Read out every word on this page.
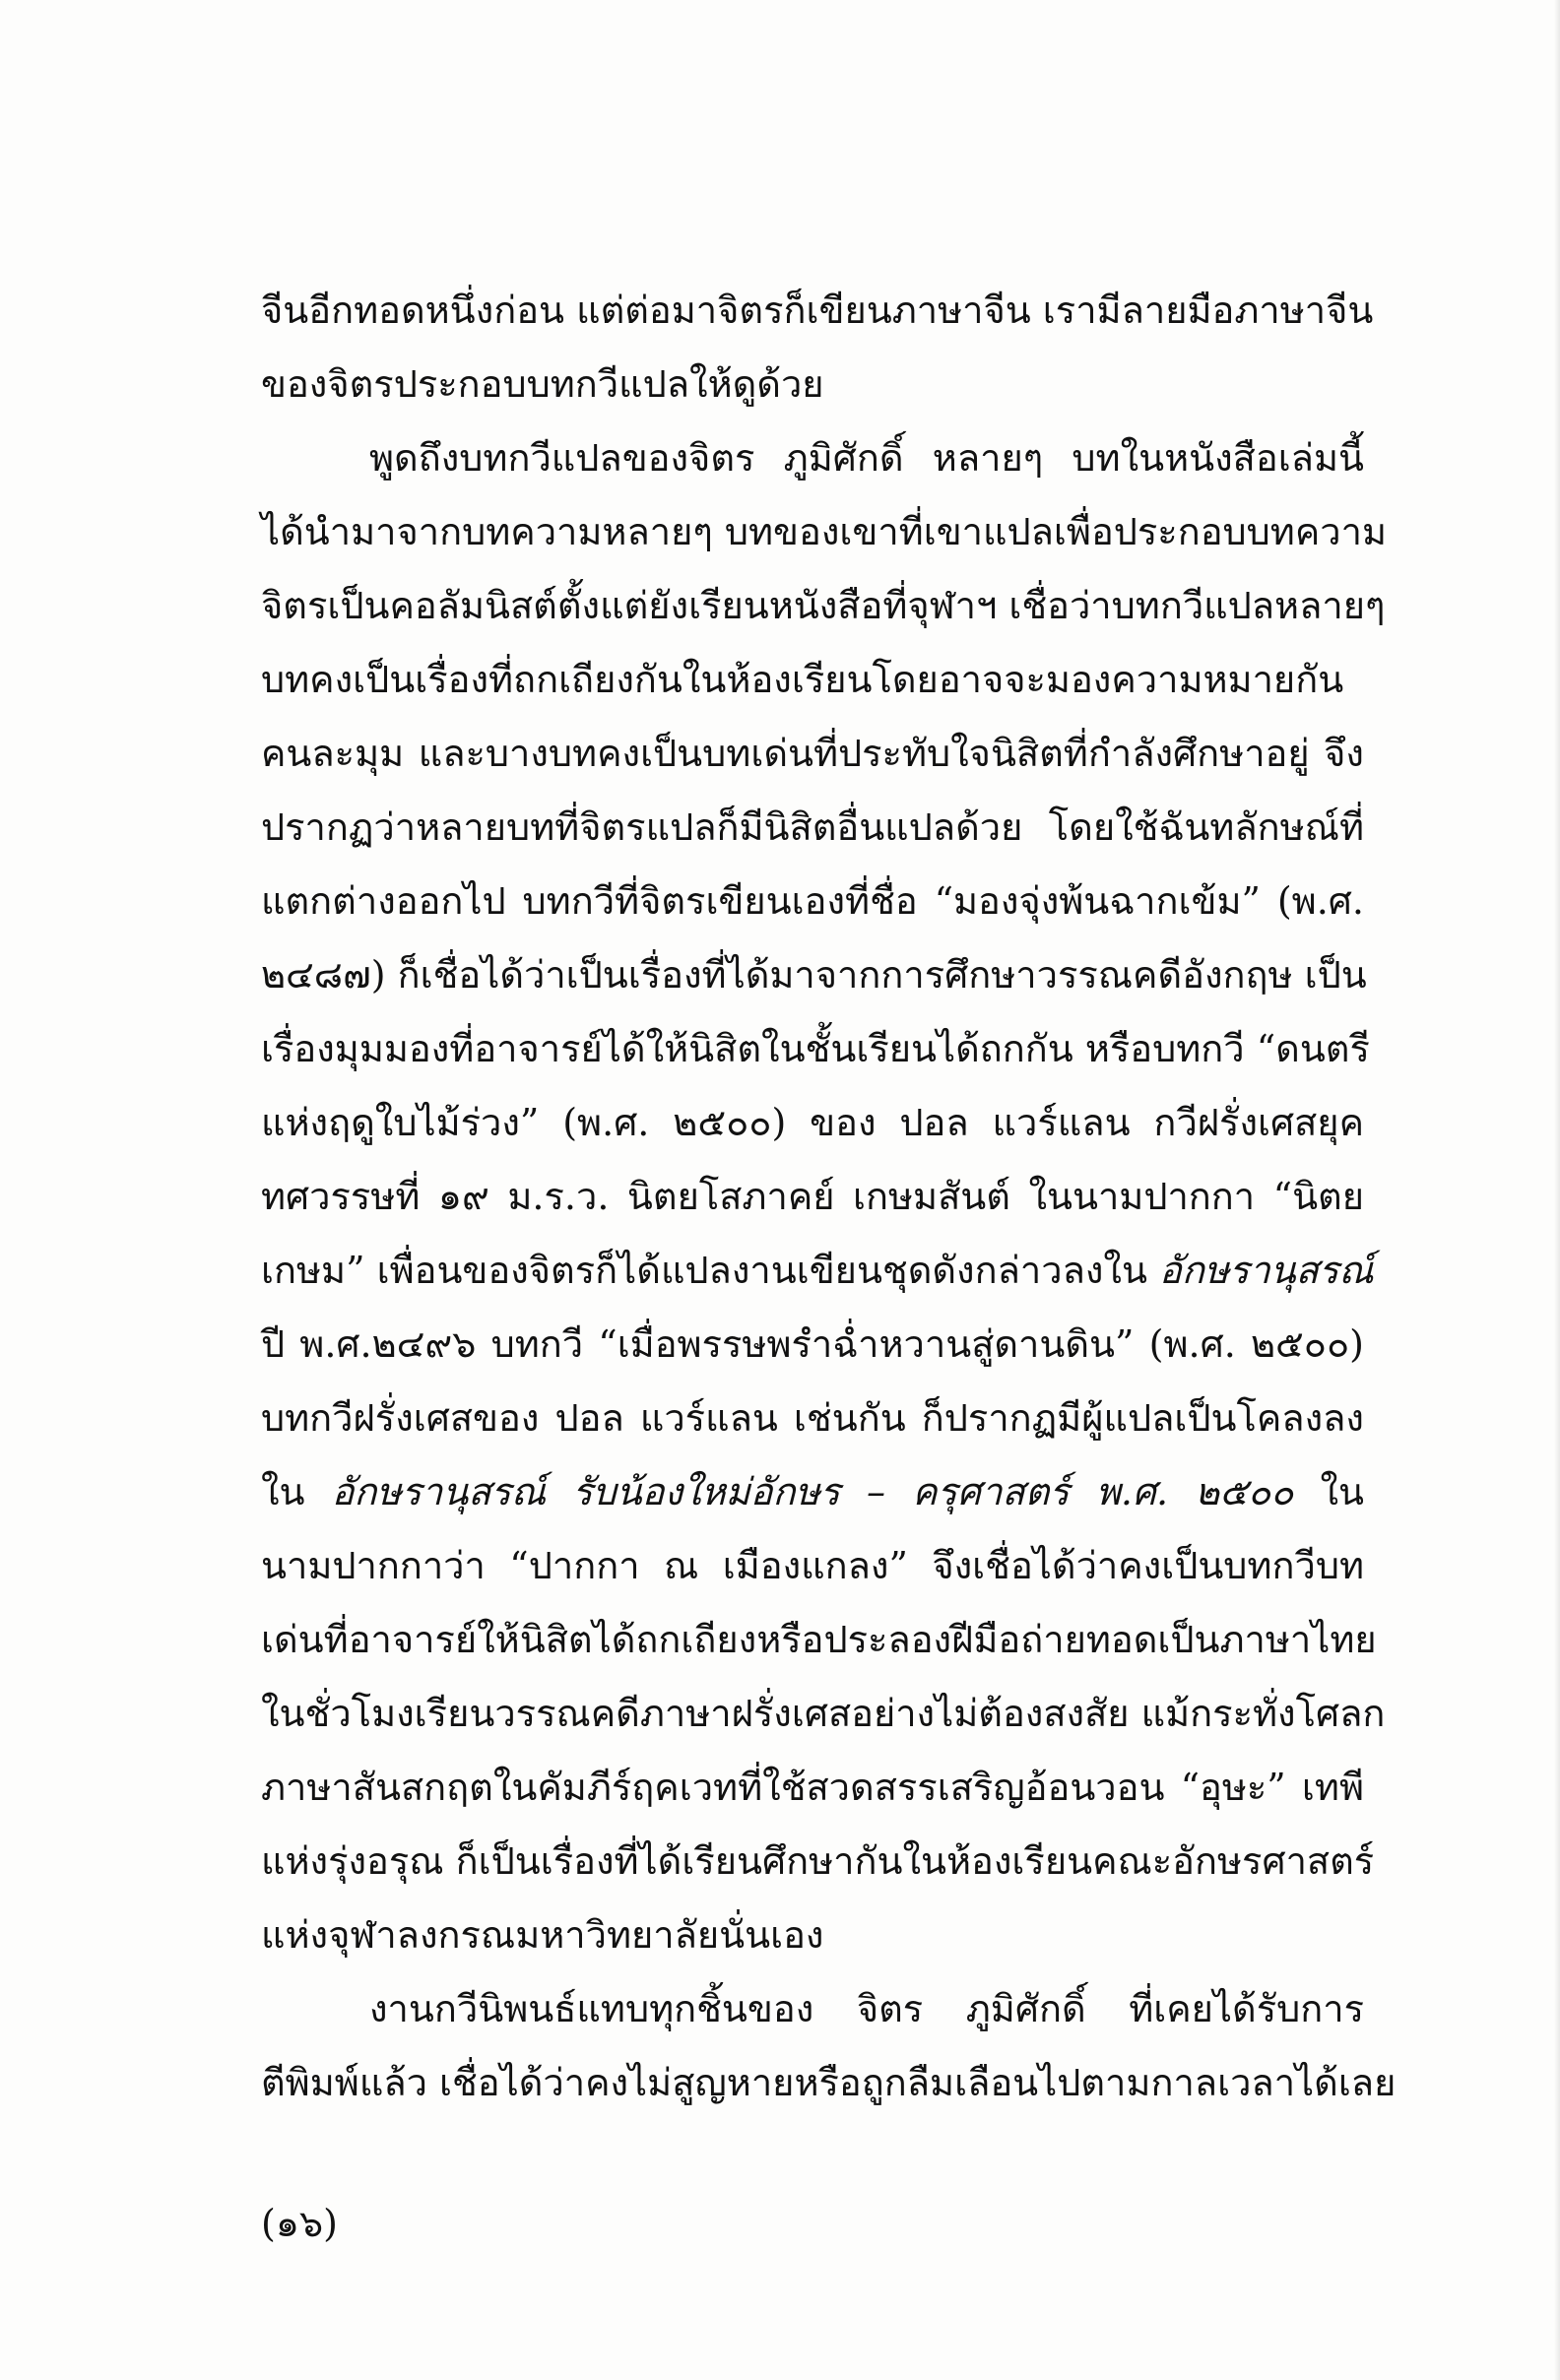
จีนอีกทอดหนึ่งก่อน แต่ต่อมาจิตรก็เขียนภาษาจีน เรามีลายมือภาษาจีน
ของจิตรประกอบบทกวีแปลให้ดูด้วย
พูดถึงบทกวีแปลของจิตร ภูมิศักดิ์ หลายๆ บทในหนังสือเล่มนี้
ได้นำมาจากบทความหลายๆ บทของเขาที่เขาแปลเพื่อประกอบบทความ
จิตรเป็นคอลัมนิสต์ตั้งแต่ยังเรียนหนังสือที่จุฬาฯ เชื่อว่าบทกวีแปลหลายๆ
บทคงเป็นเรื่องที่ถกเถียงกันในห้องเรียนโดยอาจจะมองความหมายกัน
คนละมุม และบางบทคงเป็นบทเด่นที่ประทับใจนิสิตที่กำลังศึกษาอยู่ จึง
ปรากฏว่าหลายบทที่จิตรแปลก็มีนิสิตอื่นแปลด้วย โดยใช้ฉันทลักษณ์ที่
แตกต่างออกไป บทกวีที่จิตรเขียนเองที่ชื่อ “มองจุ่งพ้นฉากเข้ม” (พ.ศ.
๒๔๘๗) ก็เชื่อได้ว่าเป็นเรื่องที่ได้มาจากการศึกษาวรรณคดีอังกฤษ เป็น
เรื่องมุมมองที่อาจารย์ได้ให้นิสิตในชั้นเรียนได้ถกกัน หรือบทกวี “ดนตรี
แห่งฤดูใบไม้ร่วง” (พ.ศ. ๒๕๐๐) ของ ปอล แวร์แลน กวีฝรั่งเศสยุค
ทศวรรษที่ ๑๙ ม.ร.ว. นิตยโสภาคย์ เกษมสันต์ ในนามปากกา “นิตย
เกษม” เพื่อนของจิตรก็ได้แปลงานเขียนชุดดังกล่าวลงใน อักษรานุสรณ์
ปี พ.ศ.๒๔๙๖ บทกวี “เมื่อพรรษพรำฉ่ำหวานสู่ดานดิน” (พ.ศ. ๒๕๐๐)
บทกวีฝรั่งเศสของ ปอล แวร์แลน เช่นกัน ก็ปรากฏมีผู้แปลเป็นโคลงลง
ใน อักษรานุสรณ์ รับน้องใหม่อักษร – ครุศาสตร์ พ.ศ. ๒๕๐๐ ใน
นามปากกาว่า “ปากกา ณ เมืองแกลง” จึงเชื่อได้ว่าคงเป็นบทกวีบท
เด่นที่อาจารย์ให้นิสิตได้ถกเถียงหรือประลองฝีมือถ่ายทอดเป็นภาษาไทย
ในชั่วโมงเรียนวรรณคดีภาษาฝรั่งเศสอย่างไม่ต้องสงสัย แม้กระทั่งโศลก
ภาษาสันสกฤตในคัมภีร์ฤคเวทที่ใช้สวดสรรเสริญอ้อนวอน “อุษะ” เทพี
แห่งรุ่งอรุณ ก็เป็นเรื่องที่ได้เรียนศึกษากันในห้องเรียนคณะอักษรศาสตร์
แห่งจุฬาลงกรณมหาวิทยาลัยนั่นเอง
งานกวีนิพนธ์แทบทุกชิ้นของ จิตร ภูมิศักดิ์ ที่เคยได้รับการ
ตีพิมพ์แล้ว เชื่อได้ว่าคงไม่สูญหายหรือถูกลืมเลือนไปตามกาลเวลาได้เลย
(๑๖)
